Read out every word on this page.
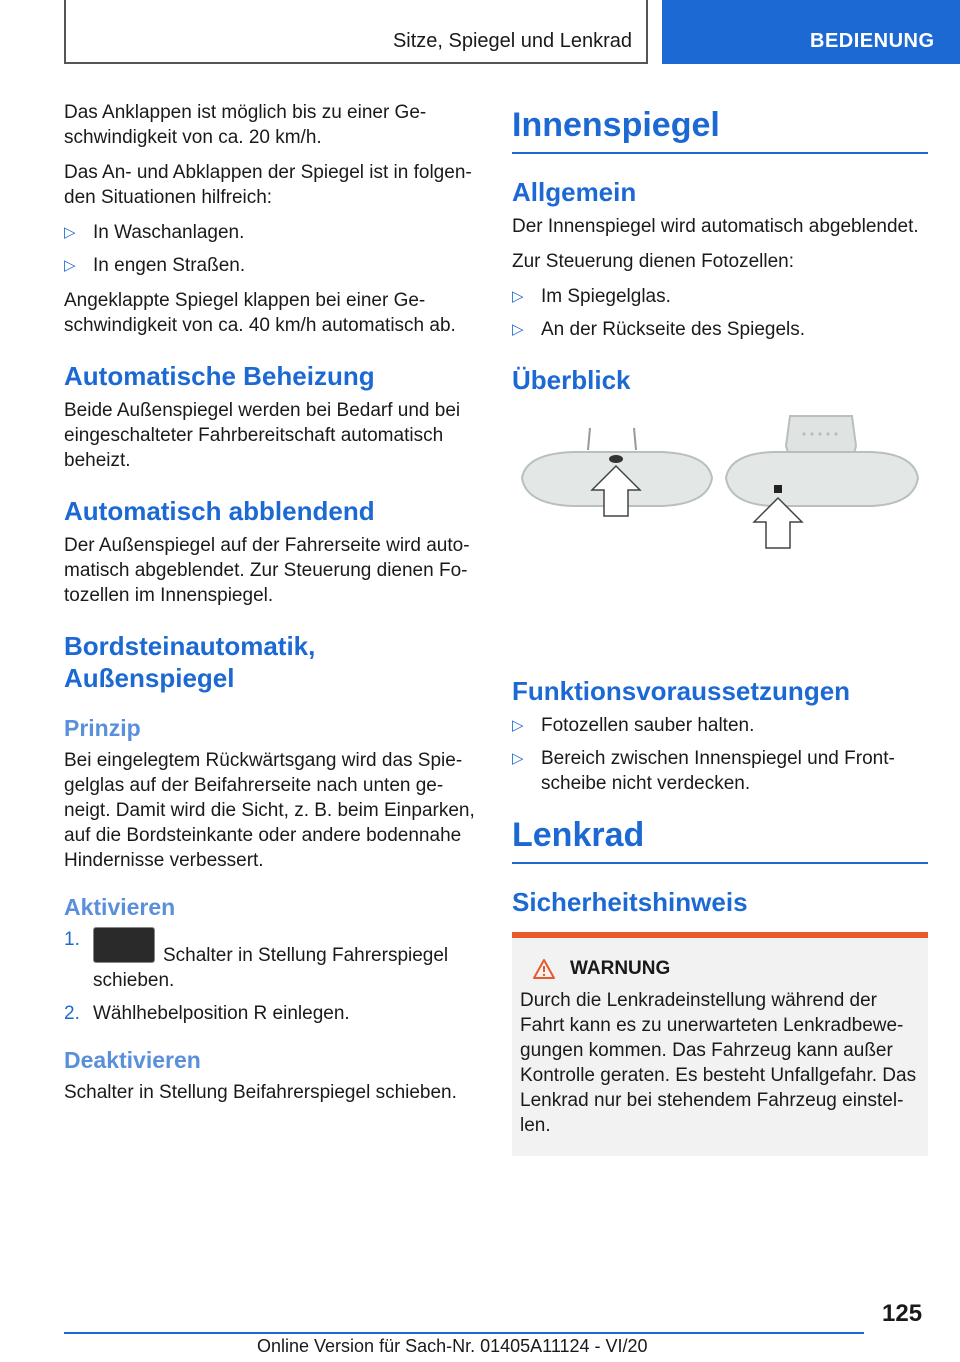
Sitze, Spiegel und Lenkrad	BEDIENUNG

Das Anklappen ist möglich bis zu einer Ge-schwindigkeit von ca. 20 km/h.

Das An- und Abklappen der Spiegel ist in folgen-den Situationen hilfreich:

▷ In Waschanlagen.
▷ In engen Straßen.

Angeklappte Spiegel klappen bei einer Ge-schwindigkeit von ca. 40 km/h automatisch ab.

Automatische Beheizung

Beide Außenspiegel werden bei Bedarf und bei eingeschalteter Fahrbereitschaft automatisch beheizt.

Automatisch abblendend

Der Außenspiegel auf der Fahrerseite wird auto-matisch abgeblendet. Zur Steuerung dienen Fo-tozellen im Innenspiegel.

Bordsteinautomatik, Außenspiegel
Prinzip

Bei eingelegtem Rückwärtsgang wird das Spie-gelglas auf der Beifahrerseite nach unten ge-neigt. Damit wird die Sicht, z. B. beim Einparken, auf die Bordsteinkante oder andere bodennahe Hindernisse verbessert.

Aktivieren
1.
Schalter in Stellung Fahrerspiegel schieben.
2. Wählhebelposition R einlegen.
Deaktivieren

Schalter in Stellung Beifahrerspiegel schieben.

Innenspiegel
Allgemein

Der Innenspiegel wird automatisch abgeblendet.

Zur Steuerung dienen Fotozellen:

▷ Im Spiegelglas.
▷ An der Rückseite des Spiegels.
Überblick
Funktionsvoraussetzungen
▷ Fotozellen sauber halten.
▷ Bereich zwischen Innenspiegel und Front-scheibe nicht verdecken.
Lenkrad
Sicherheitshinweis
WARNUNG

Durch die Lenkradeinstellung während der Fahrt kann es zu unerwarteten Lenkradbewe-gungen kommen. Das Fahrzeug kann außer Kontrolle geraten. Es besteht Unfallgefahr. Das Lenkrad nur bei stehendem Fahrzeug einstel-len.

125
Online Version für Sach-Nr. 01405A11124 - VI/20
